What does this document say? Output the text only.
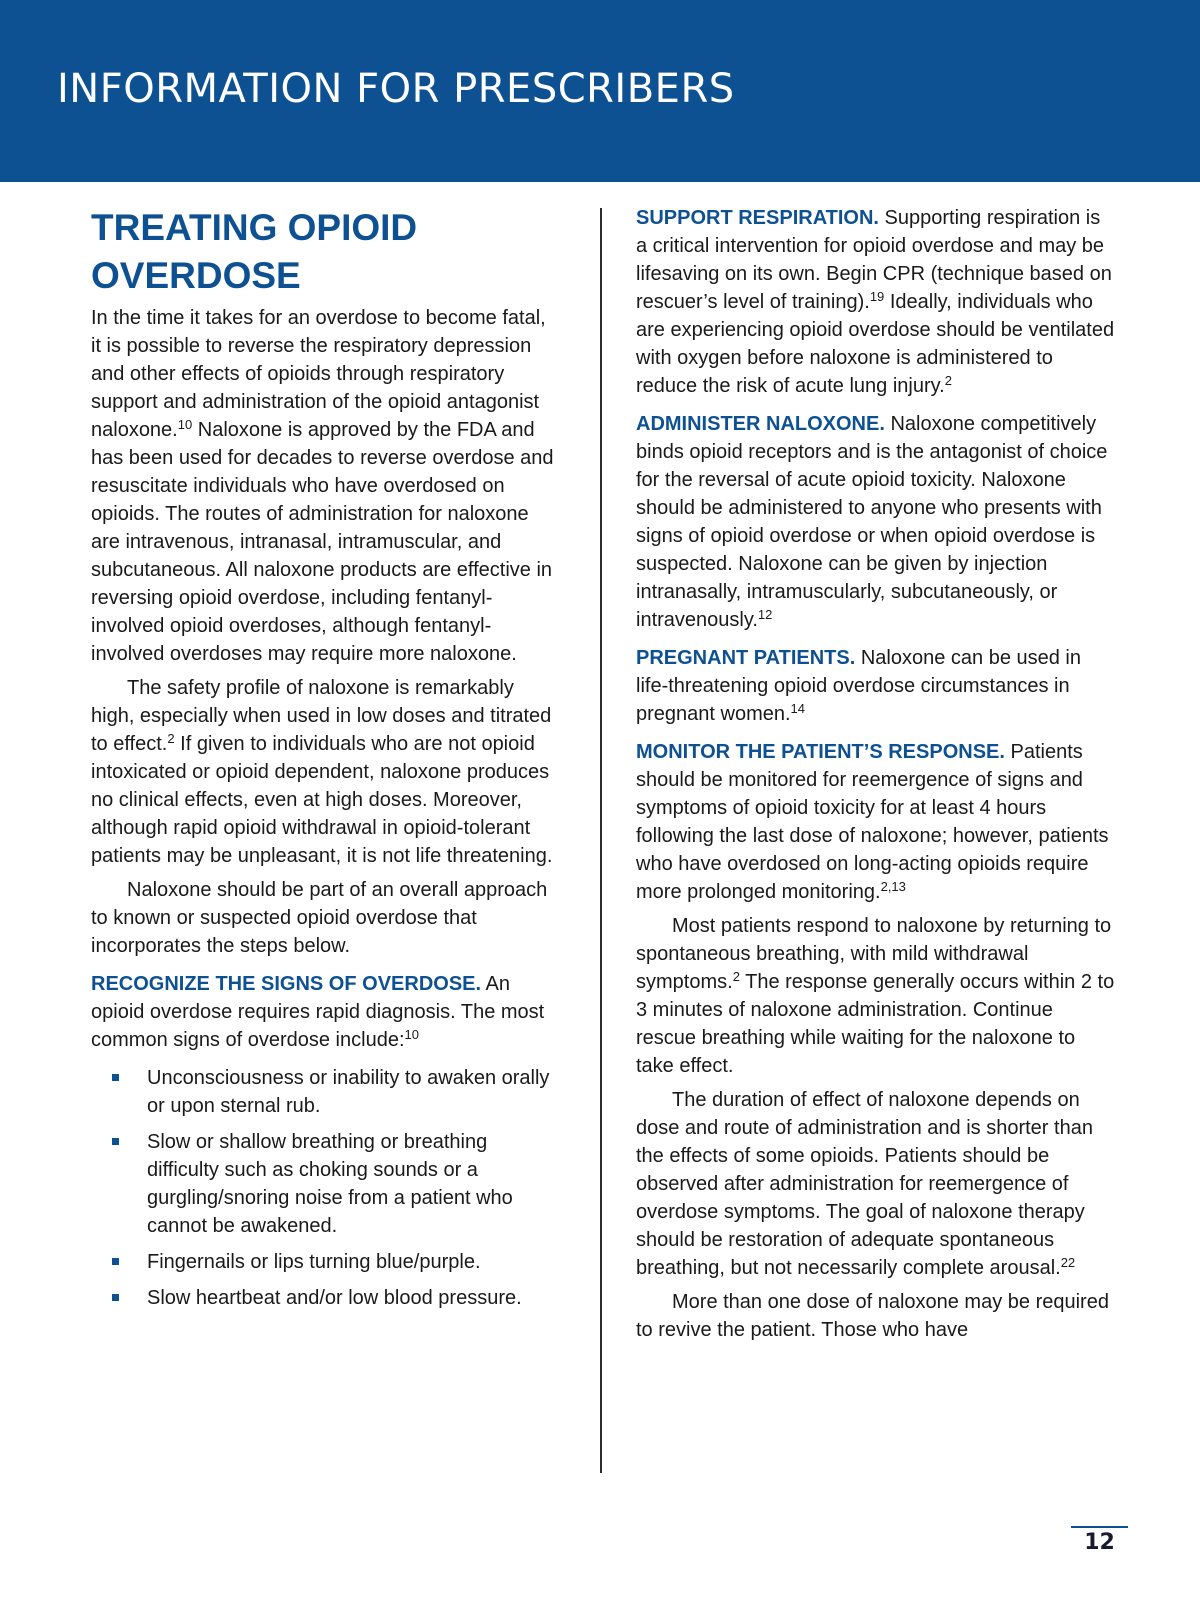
INFORMATION FOR PRESCRIBERS
TREATING OPIOID OVERDOSE

In the time it takes for an overdose to become fatal, it is possible to reverse the respiratory depression and other effects of opioids through respiratory support and administration of the opioid antagonist naloxone.$^{10}$ Naloxone is approved by the FDA and has been used for decades to reverse overdose and resuscitate individuals who have overdosed on opioids. The routes of administration for naloxone are intravenous, intranasal, intramuscular, and subcutaneous. All naloxone products are effective in reversing opioid overdose, including fentanyl-involved opioid overdoses, although fentanyl-involved overdoses may require more naloxone.

The safety profile of naloxone is remarkably high, especially when used in low doses and titrated to effect.$^2$ If given to individuals who are not opioid intoxicated or opioid dependent, naloxone produces no clinical effects, even at high doses. Moreover, although rapid opioid withdrawal in opioid-tolerant patients may be unpleasant, it is not life threatening.

Naloxone should be part of an overall approach to known or suspected opioid overdose that incorporates the steps below.

RECOGNIZE THE SIGNS OF OVERDOSE. An opioid overdose requires rapid diagnosis. The most common signs of overdose include:$^{10}$

Unconsciousness or inability to awaken orally or upon sternal rub.
Slow or shallow breathing or breathing difficulty such as choking sounds or a gurgling/snoring noise from a patient who cannot be awakened.
Fingernails or lips turning blue/purple.
Slow heartbeat and/or low blood pressure.

SUPPORT RESPIRATION. Supporting respiration is a critical intervention for opioid overdose and may be lifesaving on its own. Begin CPR (technique based on rescuer’s level of training).$^{19}$ Ideally, individuals who are experiencing opioid overdose should be ventilated with oxygen before naloxone is administered to reduce the risk of acute lung injury.$^2$

ADMINISTER NALOXONE. Naloxone competitively binds opioid receptors and is the antagonist of choice for the reversal of acute opioid toxicity. Naloxone should be administered to anyone who presents with signs of opioid overdose or when opioid overdose is suspected. Naloxone can be given by injection intranasally, intramuscularly, subcutaneously, or intravenously.$^{12}$

PREGNANT PATIENTS. Naloxone can be used in life-threatening opioid overdose circumstances in pregnant women.$^{14}$

MONITOR THE PATIENT’S RESPONSE. Patients should be monitored for reemergence of signs and symptoms of opioid toxicity for at least 4 hours following the last dose of naloxone; however, patients who have overdosed on long-acting opioids require more prolonged monitoring.$^{2,13}$

Most patients respond to naloxone by returning to spontaneous breathing, with mild withdrawal symptoms.$^2$ The response generally occurs within 2 to 3 minutes of naloxone administration. Continue rescue breathing while waiting for the naloxone to take effect.

The duration of effect of naloxone depends on dose and route of administration and is shorter than the effects of some opioids. Patients should be observed after administration for reemergence of overdose symptoms. The goal of naloxone therapy should be restoration of adequate spontaneous breathing, but not necessarily complete arousal.$^{22}$

More than one dose of naloxone may be required to revive the patient. Those who have

12
